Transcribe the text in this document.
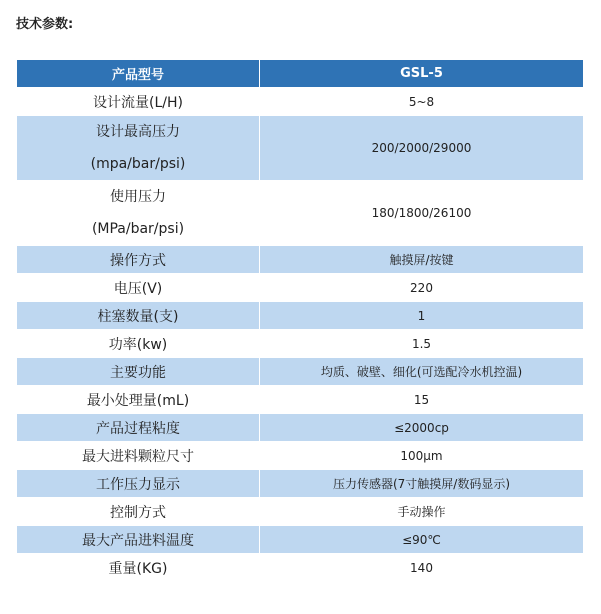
技术参数:
产品型号	GSL-5
设计流量(L/H)	5~8

设计最高压力
(mpa/bar/psi)	200/2000/29000

使用压力
(MPa/bar/psi)	180/1800/26100
操作方式	触摸屏/按键
电压(V)	220
柱塞数量(支)	1
功率(kw)	1.5
主要功能	均质、破壁、细化(可选配冷水机控温)
最小处理量(mL)	15
产品过程粘度	≤2000cp
最大进料颗粒尺寸	100μm
工作压力显示	压力传感器(7寸触摸屏/数码显示)
控制方式	手动操作
最大产品进料温度	≤90℃
重量(KG)	140
